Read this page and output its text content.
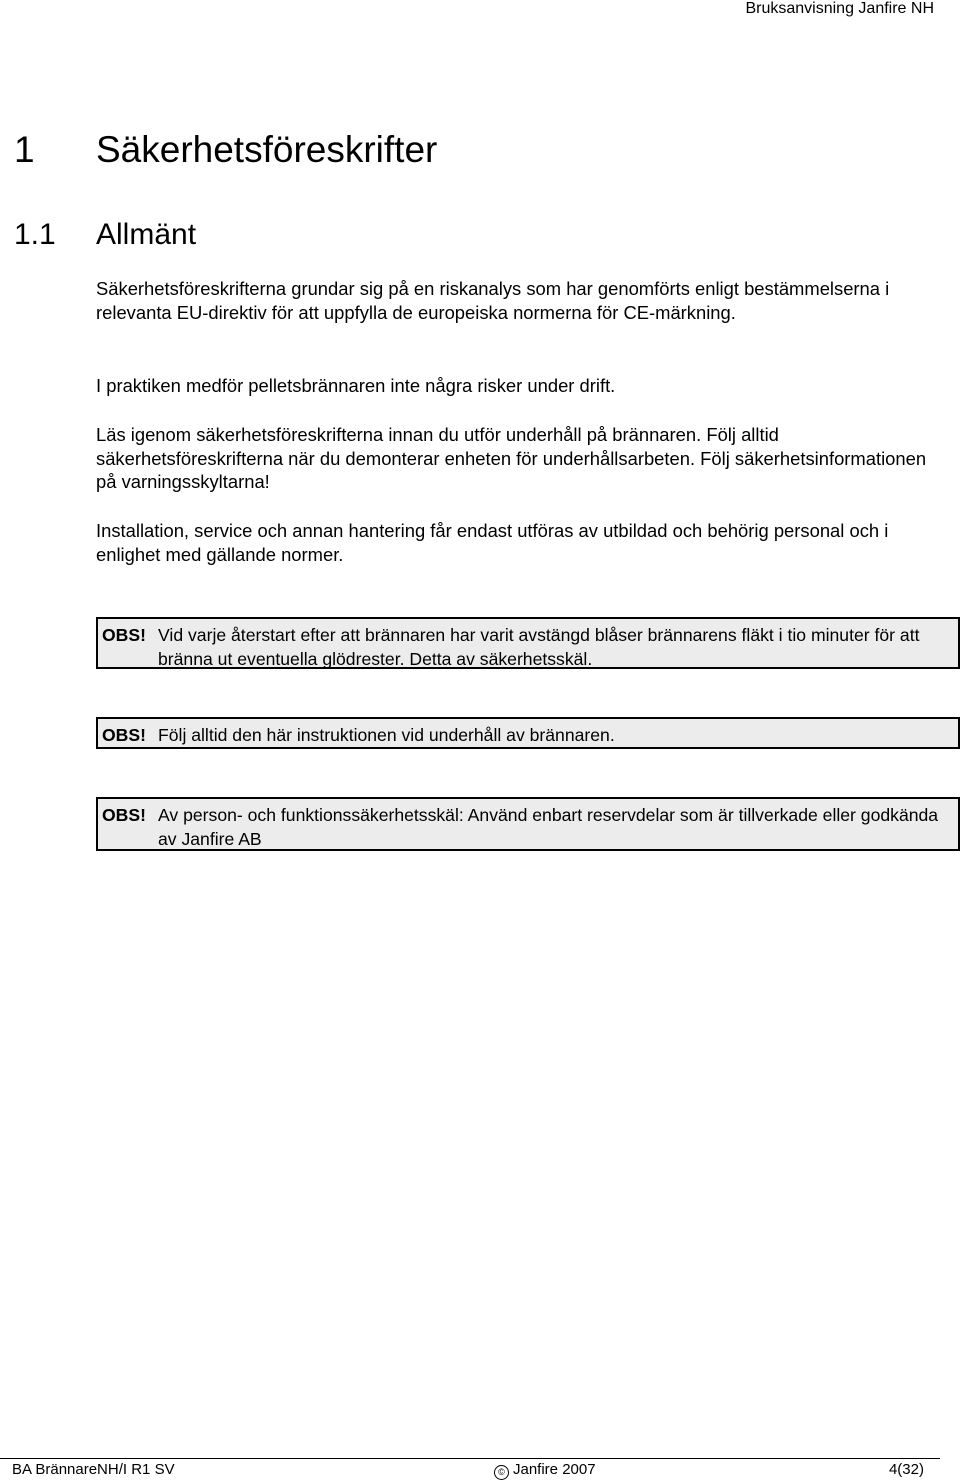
Bruksanvisning Janfire NH
1 Säkerhetsföreskrifter
1.1 Allmänt

Säkerhetsföreskrifterna grundar sig på en riskanalys som har genomförts enligt bestämmelserna i relevanta EU-direktiv för att uppfylla de europeiska normerna för CE-märkning.

I praktiken medför pelletsbrännaren inte några risker under drift.

Läs igenom säkerhetsföreskrifterna innan du utför underhåll på brännaren. Följ alltid säkerhetsföreskrifterna när du demonterar enheten för underhållsarbeten. Följ säkerhetsinformationen på varningsskyltarna!

Installation, service och annan hantering får endast utföras av utbildad och behörig personal och i enlighet med gällande normer.

OBS! Vid varje återstart efter att brännaren har varit avstängd blåser brännarens fläkt i tio minuter för att bränna ut eventuella glödrester. Detta av säkerhetsskäl.
OBS! Följ alltid den här instruktionen vid underhåll av brännaren.
OBS! Av person- och funktionssäkerhetsskäl: Använd enbart reservdelar som är tillverkade eller godkända av Janfire AB
BA BrännareNH/I R1 SV	© Janfire 2007	4(32)
